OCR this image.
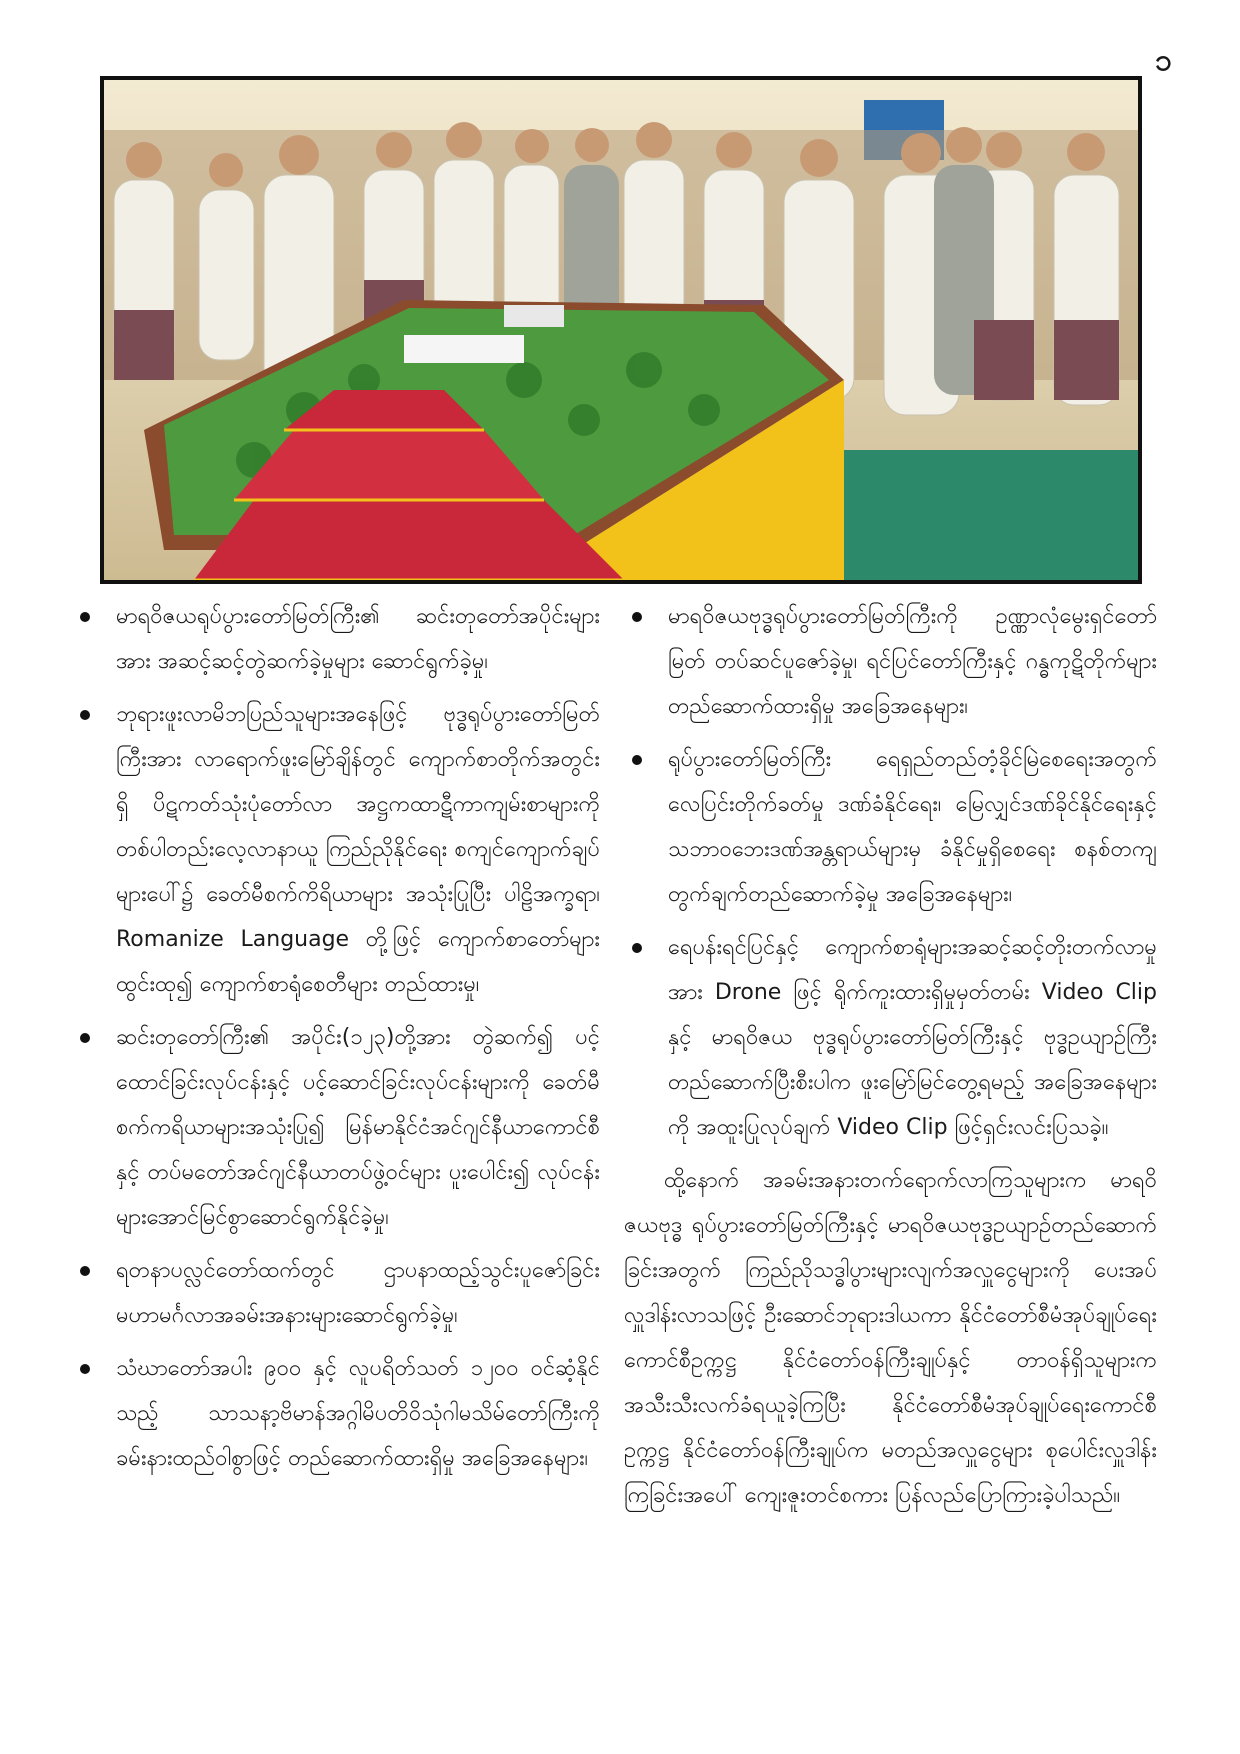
၁

မာရဝိဇယရုပ်ပွားတော်မြတ်ကြီး၏ ဆင်းတုတော်အပိုင်းများအား အဆင့်ဆင့်တွဲဆက်ခဲ့မှုများ ဆောင်ရွက်ခဲ့မှု၊

ဘုရားဖူးလာမိဘပြည်သူများအနေဖြင့် ဗုဒ္ဓရုပ်ပွားတော်မြတ်ကြီးအား လာရောက်ဖူးမြော်ချိန်တွင် ကျောက်စာတိုက်အတွင်းရှိ ပိဋကတ်သုံးပုံတော်လာ အဋ္ဌကထာဋီကာကျမ်းစာများကို တစ်ပါတည်းလေ့လာနာယူ ကြည်ညိုနိုင်ရေး စကျင်ကျောက်ချပ်များပေါ်၌ ခေတ်မီစက်ကိရိယာများ အသုံးပြုပြီး ပါဠိအက္ခရာ၊ Romanize Language တို့ဖြင့် ကျောက်စာတော်များထွင်းထု၍ ကျောက်စာရုံစေတီများ တည်ထားမှု၊

ဆင်းတုတော်ကြီး၏ အပိုင်း(၁၂၃)တို့အား တွဲဆက်၍ ပင့်ထောင်ခြင်းလုပ်ငန်းနှင့် ပင့်ဆောင်ခြင်းလုပ်ငန်းများကို ခေတ်မီစက်ကရိယာများအသုံးပြု၍ မြန်မာနိုင်ငံအင်ဂျင်နီယာကောင်စီနှင့် တပ်မတော်အင်ဂျင်နီယာတပ်ဖွဲ့ဝင်များ ပူးပေါင်း၍ လုပ်ငန်းများအောင်မြင်စွာဆောင်ရွက်နိုင်ခဲ့မှု၊

ရတနာပလ္လင်တော်ထက်တွင် ဌာပနာထည့်သွင်းပူဇော်ခြင်း မဟာမင်္ဂလာအခမ်းအနားများဆောင်ရွက်ခဲ့မှု၊

သံဃာတော်အပါး ၉၀၀ နှင့် လူပရိတ်သတ် ၁၂၀၀ ဝင်ဆံ့နိုင်သည့် သာသနာ့ဗိမာန်အဂ္ဂါမိပတိဝိသုံဂါမသိမ်တော်ကြီးကို ခမ်းနားထည်ဝါစွာဖြင့် တည်ဆောက်ထားရှိမှု အခြေအနေများ၊

မာရဝိဇယဗုဒ္ဓရုပ်ပွားတော်မြတ်ကြီးကို ဥဏ္ဏာလုံမွေးရှင်တော်မြတ် တပ်ဆင်ပူဇော်ခဲ့မှု၊ ရင်ပြင်တော်ကြီးနှင့် ဂန္ဓကုဋိတိုက်များ တည်ဆောက်ထားရှိမှု အခြေအနေများ၊

ရုပ်ပွားတော်မြတ်ကြီး ရေရှည်တည်တံ့ခိုင်မြဲစေရေးအတွက် လေပြင်းတိုက်ခတ်မှု ဒဏ်ခံနိုင်ရေး၊ မြေလျှင်ဒဏ်ခိုင်နိုင်ရေးနှင့် သဘာဝဘေးဒဏ်အန္တရာယ်များမှ ခံနိုင်မှုရှိစေရေး စနစ်တကျ တွက်ချက်တည်ဆောက်ခဲ့မှု အခြေအနေများ၊

ရေပန်းရင်ပြင်နှင့် ကျောက်စာရုံများအဆင့်ဆင့်တိုးတက်လာမှုအား Drone ဖြင့် ရိုက်ကူးထားရှိမှုမှတ်တမ်း Video Clip နှင့် မာရဝိဇယ ဗုဒ္ဓရုပ်ပွားတော်မြတ်ကြီးနှင့် ဗုဒ္ဓဥယျာဉ်ကြီးတည်ဆောက်ပြီးစီးပါက ဖူးမြော်မြင်တွေ့ရမည့် အခြေအနေများကို အထူးပြုလုပ်ချက် Video Clip ဖြင့်ရှင်းလင်းပြသခဲ့။

ထို့နောက် အခမ်းအနားတက်ရောက်လာကြသူများက မာရဝိဇယဗုဒ္ဓ ရုပ်ပွားတော်မြတ်ကြီးနှင့် မာရဝိဇယဗုဒ္ဓဥယျာဉ်တည်ဆောက်ခြင်းအတွက် ကြည်ညိုသဒ္ဓါပွားများလျက်အလှူငွေများကို ပေးအပ်လှူဒါန်းလာသဖြင့် ဦးဆောင်ဘုရားဒါယကာ နိုင်ငံတော်စီမံအုပ်ချုပ်ရေးကောင်စီဥက္ကဋ္ဌ နိုင်ငံတော်ဝန်ကြီးချုပ်နှင့် တာဝန်ရှိသူများက အသီးသီးလက်ခံရယူခဲ့ကြပြီး နိုင်ငံတော်စီမံအုပ်ချုပ်ရေးကောင်စီဥက္ကဋ္ဌ နိုင်ငံတော်ဝန်ကြီးချုပ်က မတည်အလှူငွေများ စုပေါင်းလှူဒါန်းကြခြင်းအပေါ် ကျေးဇူးတင်စကား ပြန်လည်ပြောကြားခဲ့ပါသည်။
